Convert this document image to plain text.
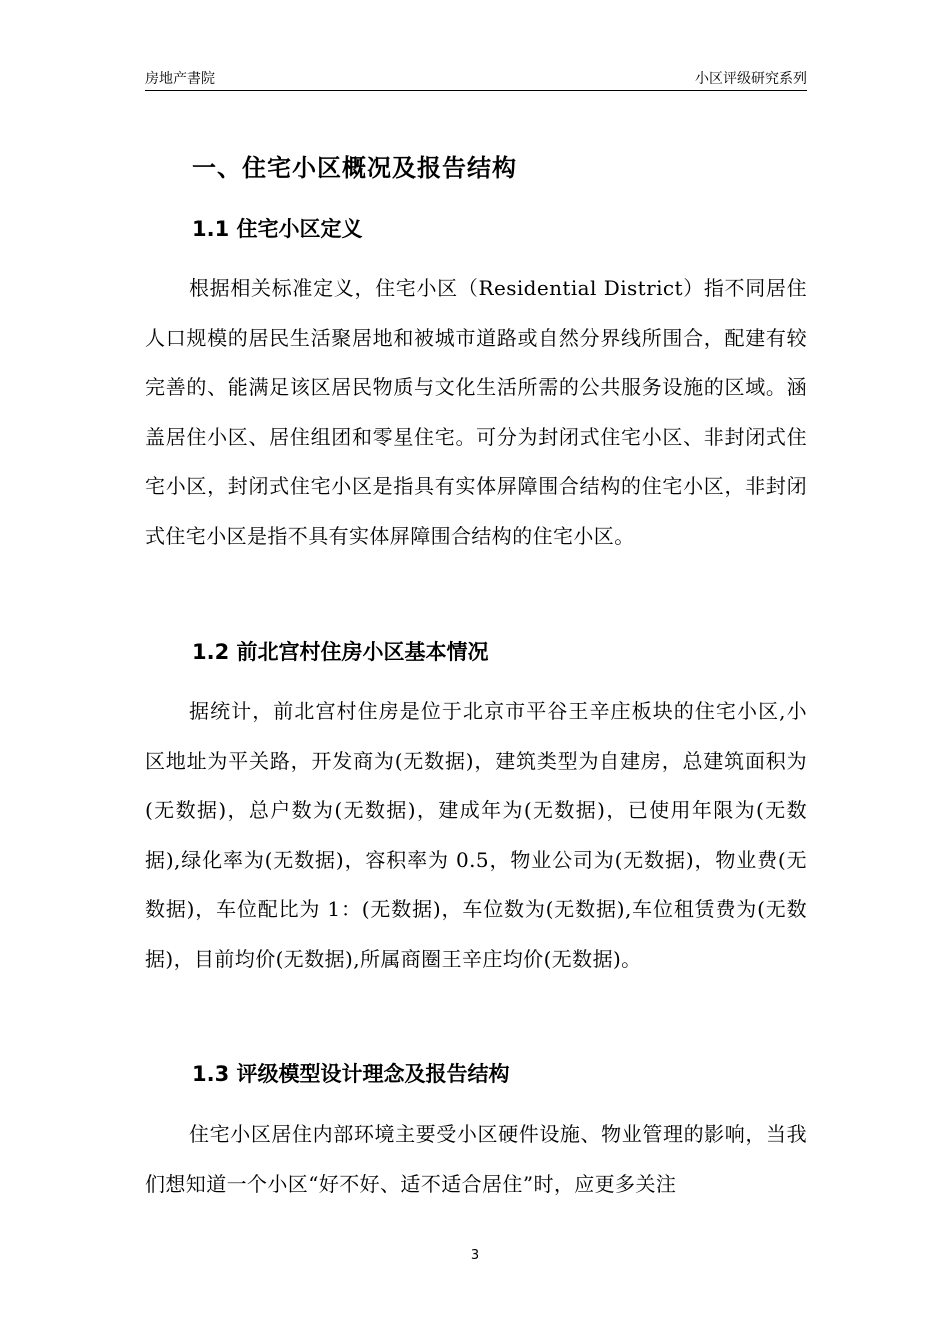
房地产書院	小区评级研究系列
一、住宅小区概况及报告结构
1.1 住宅小区定义
根据相关标准定义，住宅小区（Residential District）指不同居住人口规模的居民生活聚居地和被城市道路或自然分界线所围合，配建有较完善的、能满足该区居民物质与文化生活所需的公共服务设施的区域。涵盖居住小区、居住组团和零星住宅。可分为封闭式住宅小区、非封闭式住宅小区，封闭式住宅小区是指具有实体屏障围合结构的住宅小区，非封闭式住宅小区是指不具有实体屏障围合结构的住宅小区。
1.2 前北宫村住房小区基本情况
据统计，前北宫村住房是位于北京市平谷王辛庄板块的住宅小区,小区地址为平关路，开发商为(无数据)，建筑类型为自建房，总建筑面积为(无数据)，总户数为(无数据)，建成年为(无数据)，已使用年限为(无数据),绿化率为(无数据)，容积率为 0.5，物业公司为(无数据)，物业费(无数据)，车位配比为 1：(无数据)，车位数为(无数据),车位租赁费为(无数据)，目前均价(无数据),所属商圈王辛庄均价(无数据)。
1.3 评级模型设计理念及报告结构
住宅小区居住内部环境主要受小区硬件设施、物业管理的影响，当我们想知道一个小区“好不好、适不适合居住”时，应更多关注
3
